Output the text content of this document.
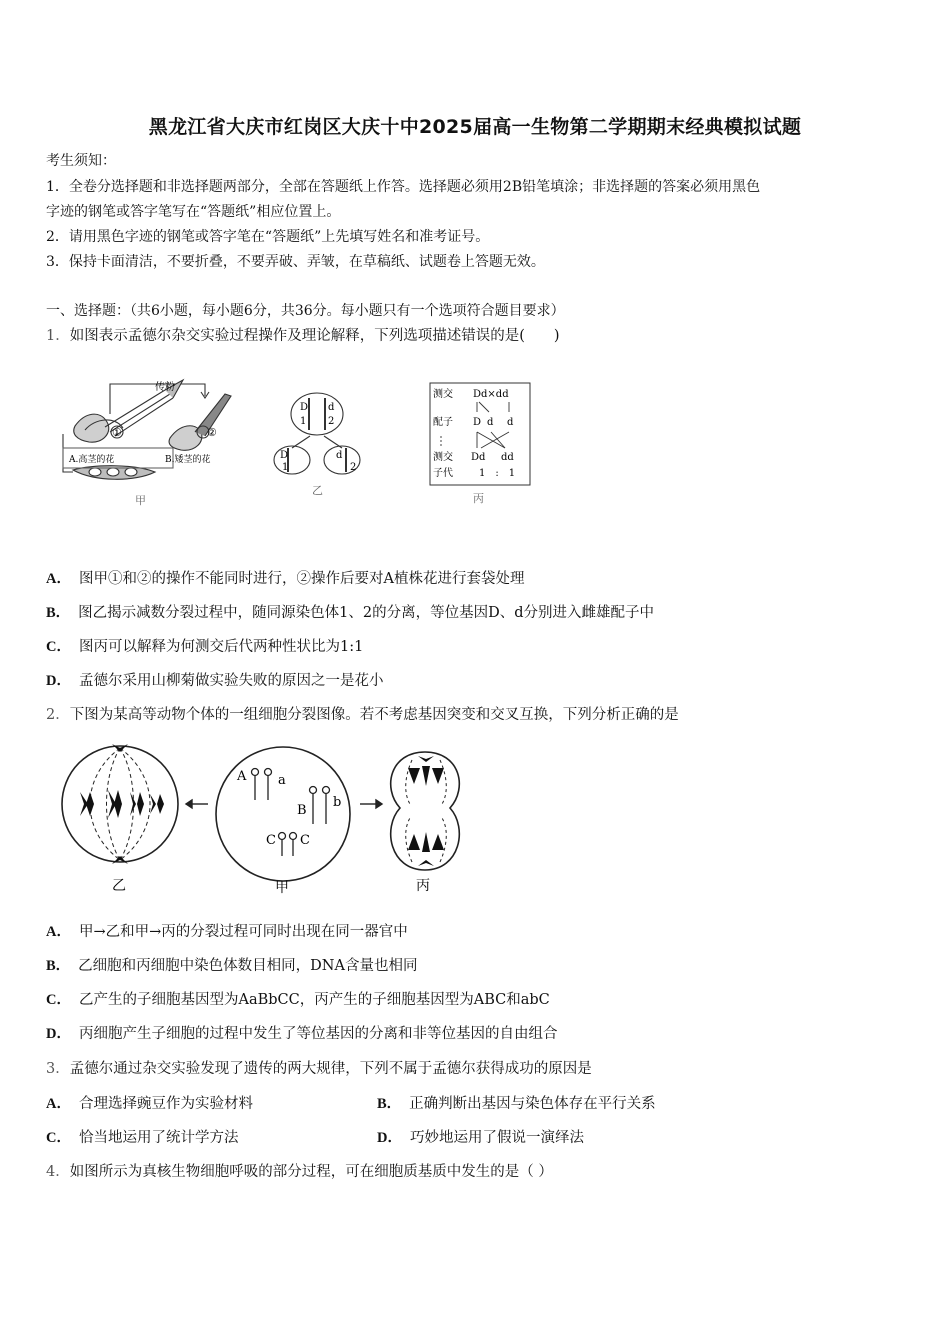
黑龙江省大庆市红岗区大庆十中2025届高一生物第二学期期末经典模拟试题
考生须知：
1．全卷分选择题和非选择题两部分，全部在答题纸上作答。选择题必须用2B铅笔填涂；非选择题的答案必须用黑色
字迹的钢笔或答字笔写在“答题纸”相应位置上。
2．请用黑色字迹的钢笔或答字笔在“答题纸”上先填写姓名和准考证号。
3．保持卡面清洁，不要折叠，不要弄破、弄皱，在草稿纸、试题卷上答题无效。
一、选择题：（共6小题，每小题6分，共36分。每小题只有一个选项符合题目要求）
1．如图表示孟德尔杂交实验过程操作及理论解释，下列选项描述错误的是(　　)
传粉
①	②
A.高茎的花	B.矮茎的花
甲
D d
1 2
D
1
d
2
乙
测交 Dd×dd
配子 D d d
测交 Dd dd
子代	1　:　1
丙
A． 图甲①和②的操作不能同时进行，②操作后要对A植株花进行套袋处理
B． 图乙揭示减数分裂过程中，随同源染色体1、2的分离，等位基因D、d分别进入雌雄配子中
C． 图丙可以解释为何测交后代两种性状比为1:1
D． 孟德尔采用山柳菊做实验失败的原因之一是花小
2．下图为某高等动物个体的一组细胞分裂图像。若不考虑基因突变和交叉互换，下列分析正确的是
A a
B
b
C C
乙	甲	丙
A． 甲→乙和甲→丙的分裂过程可同时出现在同一器官中
B． 乙细胞和丙细胞中染色体数目相同，DNA含量也相同
C． 乙产生的子细胞基因型为AaBbCC，丙产生的子细胞基因型为ABC和abC
D． 丙细胞产生子细胞的过程中发生了等位基因的分离和非等位基因的自由组合
3．孟德尔通过杂交实验发现了遗传的两大规律，下列不属于孟德尔获得成功的原因是
A． 合理选择豌豆作为实验材料	B． 正确判断出基因与染色体存在平行关系
C． 恰当地运用了统计学方法	D． 巧妙地运用了假说一演绎法
4．如图所示为真核生物细胞呼吸的部分过程，可在细胞质基质中发生的是（ ）
